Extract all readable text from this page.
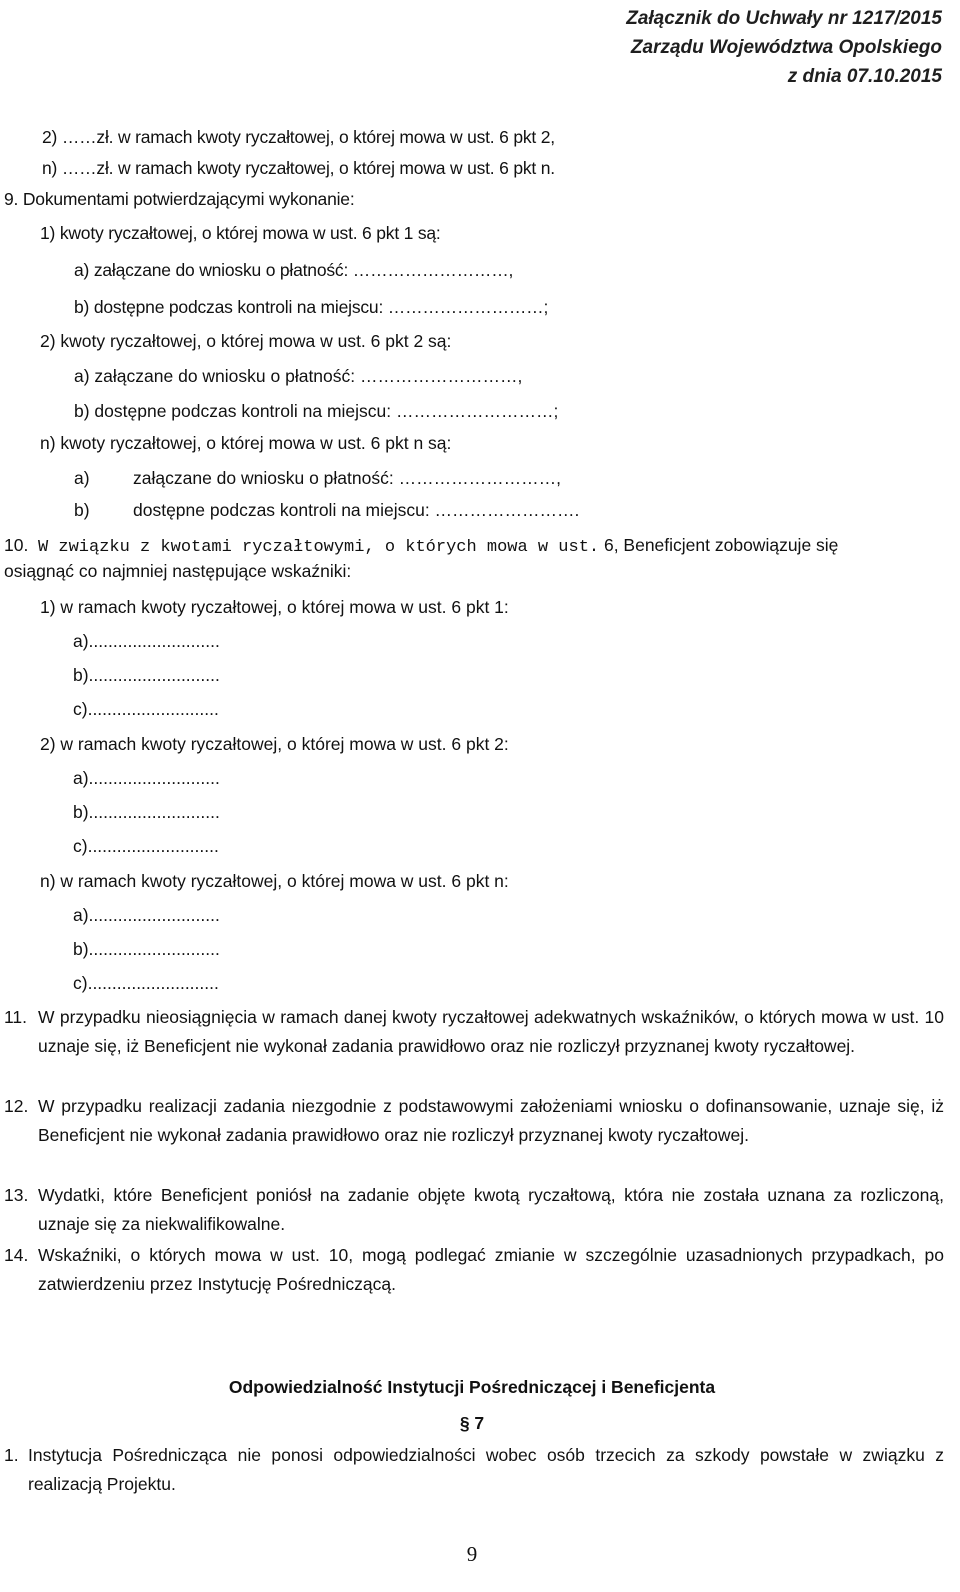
Załącznik do Uchwały nr 1217/2015
Zarządu Województwa Opolskiego
z dnia 07.10.2015
2) ……zł. w ramach kwoty ryczałtowej, o której mowa w ust. 6 pkt 2,
n) ……zł. w ramach kwoty ryczałtowej, o której mowa w ust. 6 pkt n.
9. Dokumentami potwierdzającymi wykonanie:
1) kwoty ryczałtowej, o której mowa w ust. 6 pkt 1 są:
a) załączane do wniosku o płatność: ………………………,
b) dostępne podczas kontroli na miejscu: ………………………;
2) kwoty ryczałtowej, o której mowa w ust. 6 pkt 2 są:
a) załączane do wniosku o płatność: ………………………,
b) dostępne podczas kontroli na miejscu: ………………………;
n) kwoty ryczałtowej, o której mowa w ust. 6 pkt n są:
a) załączane do wniosku o płatność: ………………………,
b) dostępne podczas kontroli na miejscu: …………………….
10. W związku z kwotami ryczałtowymi, o których mowa w ust. 6, Beneficjent zobowiązuje się
osiągnąć co najmniej następujące wskaźniki:
1) w ramach kwoty ryczałtowej, o której mowa w ust. 6 pkt 1:
a)...........................
b)...........................
c)...........................
2) w ramach kwoty ryczałtowej, o której mowa w ust. 6 pkt 2:
a)...........................
b)...........................
c)...........................
n) w ramach kwoty ryczałtowej, o której mowa w ust. 6 pkt n:
a)...........................
b)...........................
c)...........................
11. W przypadku nieosiągnięcia w ramach danej kwoty ryczałtowej adekwatnych wskaźników, o których mowa w ust. 10 uznaje się, iż Beneficjent nie wykonał zadania prawidłowo oraz nie rozliczył przyznanej kwoty ryczałtowej.
12. W przypadku realizacji zadania niezgodnie z podstawowymi założeniami wniosku o dofinansowanie, uznaje się, iż Beneficjent nie wykonał zadania prawidłowo oraz nie rozliczył przyznanej kwoty ryczałtowej.
13. Wydatki, które Beneficjent poniósł na zadanie objęte kwotą ryczałtową, która nie została uznana za rozliczoną, uznaje się za niekwalifikowalne.
14. Wskaźniki, o których mowa w ust. 10, mogą podlegać zmianie w szczególnie uzasadnionych przypadkach, po zatwierdzeniu przez Instytucję Pośredniczącą.
Odpowiedzialność Instytucji Pośredniczącej i Beneficjenta
§ 7
1. Instytucja Pośrednicząca nie ponosi odpowiedzialności wobec osób trzecich za szkody powstałe w związku z realizacją Projektu.
9
